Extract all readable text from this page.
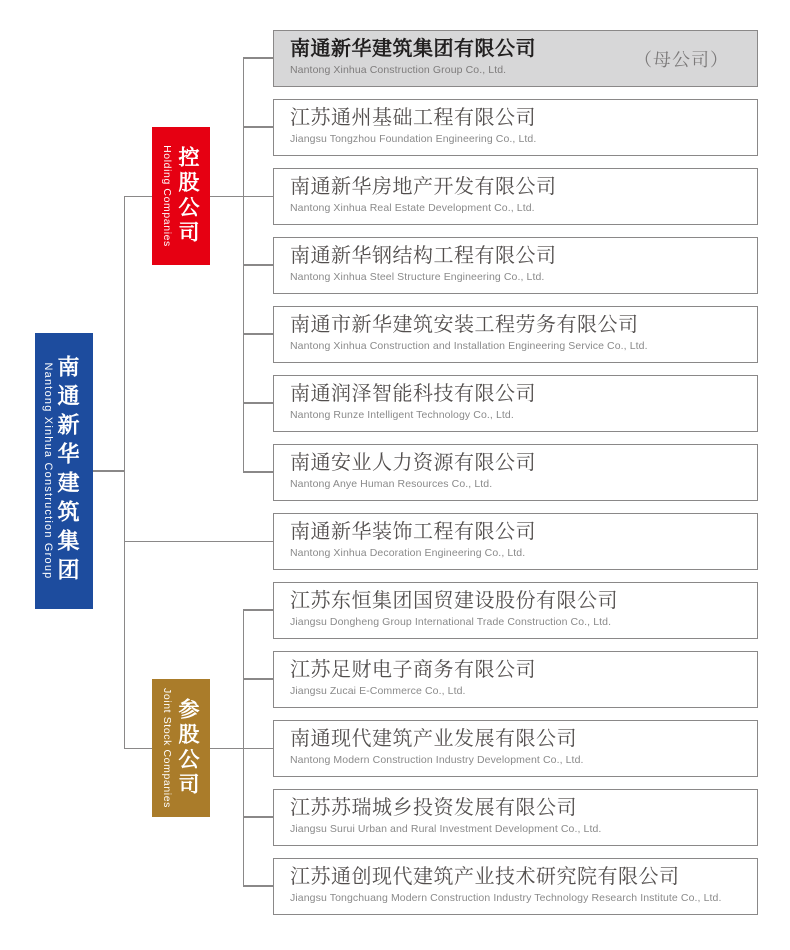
南通新华建筑集团
Nantong Xinhua Construction Group
控股公司
Holding Companies
参股公司
Joint Stock Companies
南通新华建筑集团有限公司
Nantong Xinhua Construction Group Co., Ltd.
（母公司）
江苏通州基础工程有限公司
Jiangsu Tongzhou Foundation Engineering Co., Ltd.
南通新华房地产开发有限公司
Nantong Xinhua Real Estate Development Co., Ltd.
南通新华钢结构工程有限公司
Nantong Xinhua Steel Structure Engineering Co., Ltd.
南通市新华建筑安装工程劳务有限公司
Nantong Xinhua Construction and Installation Engineering Service Co., Ltd.
南通润泽智能科技有限公司
Nantong Runze Intelligent Technology Co., Ltd.
南通安业人力资源有限公司
Nantong Anye Human Resources Co., Ltd.
南通新华装饰工程有限公司
Nantong Xinhua Decoration Engineering Co., Ltd.
江苏东恒集团国贸建设股份有限公司
Jiangsu Dongheng Group International Trade Construction Co., Ltd.
江苏足财电子商务有限公司
Jiangsu Zucai E-Commerce Co., Ltd.
南通现代建筑产业发展有限公司
Nantong Modern Construction Industry Development Co., Ltd.
江苏苏瑞城乡投资发展有限公司
Jiangsu Surui Urban and Rural Investment Development Co., Ltd.
江苏通创现代建筑产业技术研究院有限公司
Jiangsu Tongchuang Modern Construction Industry Technology Research Institute Co., Ltd.
